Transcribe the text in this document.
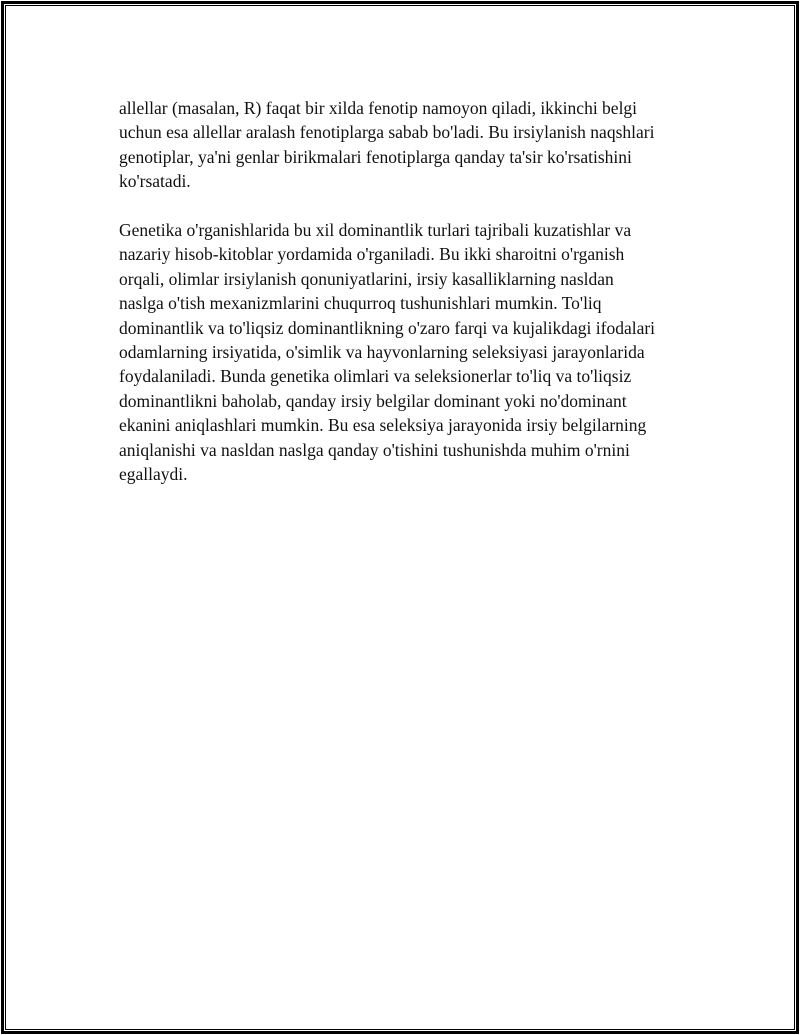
allellar (masalan, R) faqat bir xilda fenotip namoyon qiladi, ikkinchi belgi
uchun esa allellar aralash fenotiplarga sabab bo'ladi. Bu irsiylanish naqshlari
genotiplar, ya'ni genlar birikmalari fenotiplarga qanday ta'sir ko'rsatishini
ko'rsatadi.

Genetika o'rganishlarida bu xil dominantlik turlari tajribali kuzatishlar va
nazariy hisob-kitoblar yordamida o'rganiladi. Bu ikki sharoitni o'rganish
orqali, olimlar irsiylanish qonuniyatlarini, irsiy kasalliklarning nasldan
naslga o'tish mexanizmlarini chuqurroq tushunishlari mumkin. To'liq
dominantlik va to'liqsiz dominantlikning o'zaro farqi va kujalikdagi ifodalari
odamlarning irsiyatida, o'simlik va hayvonlarning seleksiyasi jarayonlarida
foydalaniladi. Bunda genetika olimlari va seleksionerlar to'liq va to'liqsiz
dominantlikni baholab, qanday irsiy belgilar dominant yoki no'dominant
ekanini aniqlashlari mumkin. Bu esa seleksiya jarayonida irsiy belgilarning
aniqlanishi va nasldan naslga qanday o'tishini tushunishda muhim o'rnini
egallaydi.
